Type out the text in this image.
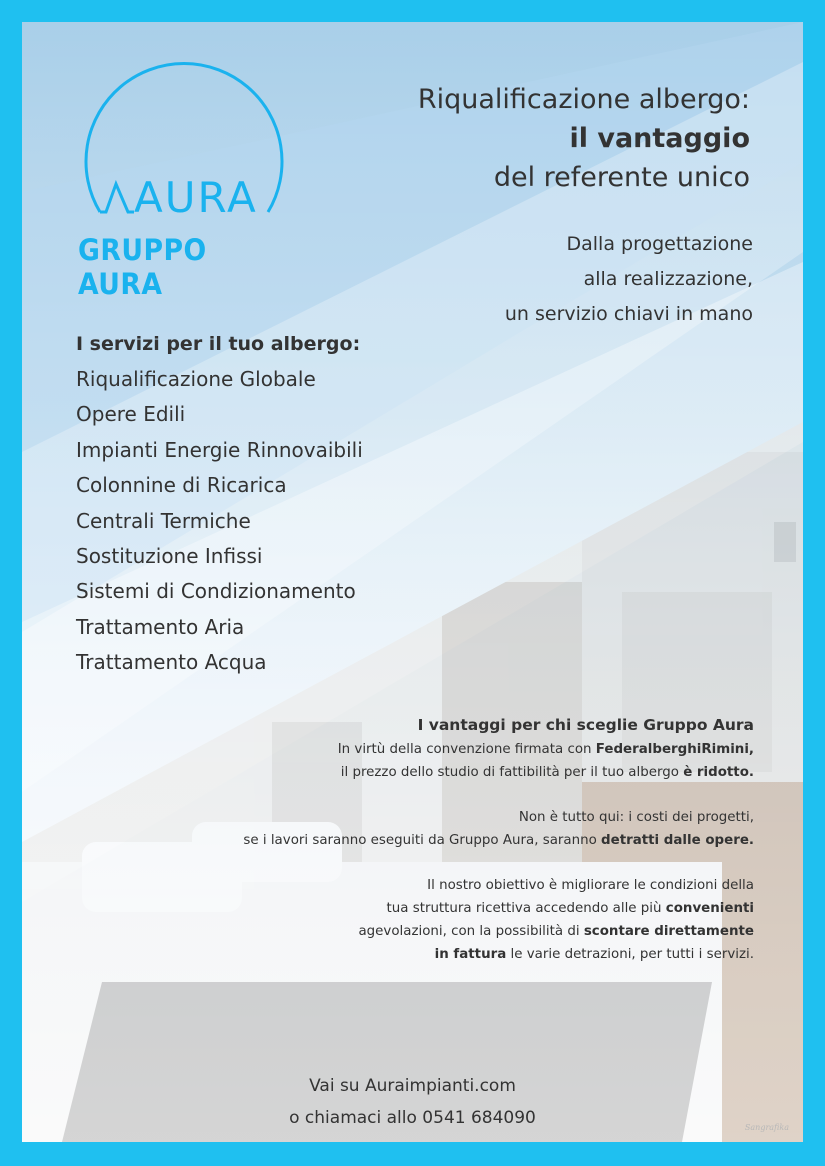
AURA
GRUPPO AURA
Riqualificazione albergo:
il vantaggio
del referente unico
Dalla progettazione
alla realizzazione,
un servizio chiavi in mano
I servizi per il tuo albergo:
Riqualificazione Globale
Opere Edili
Impianti Energie Rinnovaibili
Colonnine di Ricarica
Centrali Termiche
Sostituzione Infissi
Sistemi di Condizionamento
Trattamento Aria
Trattamento Acqua
I vantaggi per chi sceglie Gruppo Aura
In virtù della convenzione firmata con FederalberghiRimini,
il prezzo dello studio di fattibilità per il tuo albergo è ridotto.
Non è tutto qui: i costi dei progetti,
se i lavori saranno eseguiti da Gruppo Aura, saranno detratti dalle opere.
Il nostro obiettivo è migliorare le condizioni della
tua struttura ricettiva accedendo alle più convenienti
agevolazioni, con la possibilità di scontare direttamente
in fattura le varie detrazioni, per tutti i servizi.
Vai su Auraimpianti.com
o chiamaci allo 0541 684090	Sangrafika
